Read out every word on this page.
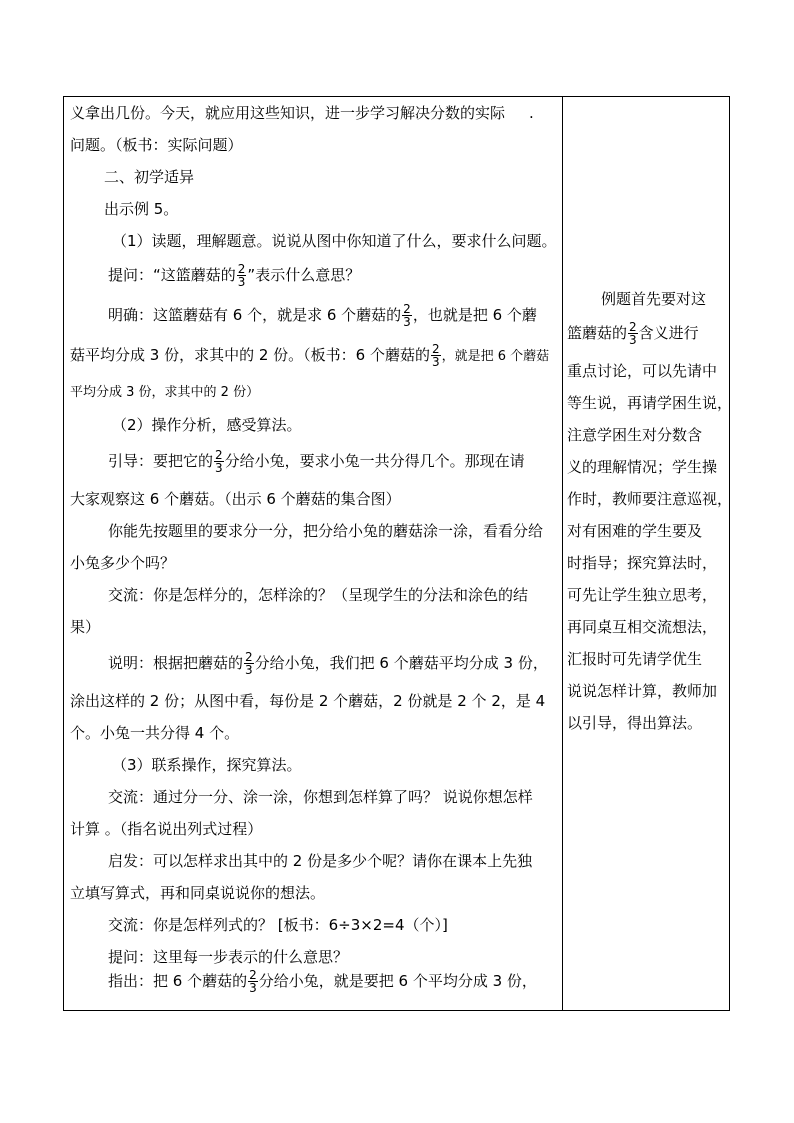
义拿出几份。今天，就应用这些知识，进一步学习解决分数的实际 .
问题。（板书：实际问题）
二、初学适异
出示例 5。
（1）读题，理解题意。说说从图中你知道了什么，要求什么问题。
提问：“这篮蘑菇的 $\frac{2}{3}$ ”表示什么意思？
明确：这篮蘑菇有 6 个，就是求 6 个蘑菇的 $\frac{2}{3}$ ，也就是把 6 个蘑
菇平均分成 3 份，求其中的 2 份。（板书：6 个蘑菇的 $\frac{2}{3}$ ，就是把 6 个蘑菇
平均分成 3 份，求其中的 2 份）
（2）操作分析，感受算法。
引导：要把它的 $\frac{2}{3}$ 分给小兔，要求小兔一共分得几个。那现在请
大家观察这 6 个蘑菇。（出示 6 个蘑菇的集合图）
你能先按题里的要求分一分，把分给小兔的蘑菇涂一涂，看看分给
小兔多少个吗？
交流：你是怎样分的，怎样涂的？（呈现学生的分法和涂色的结
果）
说明：根据把蘑菇的 $\frac{2}{3}$ 分给小兔，我们把 6 个蘑菇平均分成 3 份，
涂出这样的 2 份；从图中看，每份是 2 个蘑菇，2 份就是 2 个 2，是 4
个。小兔一共分得 4 个。
（3）联系操作，探究算法。
交流：通过分一分、涂一涂，你想到怎样算了吗？ 说说你想怎样
计算 。（指名说出列式过程）
启发：可以怎样求出其中的 2 份是多少个呢？请你在课本上先独
立填写算式，再和同桌说说你的想法。
交流：你是怎样列式的？ [板书：6÷3×2=4（个）]
提问：这里每一步表示的什么意思？
指出：把 6 个蘑菇的 $\frac{2}{3}$ 分给小兔，就是要把 6 个平均分成 3 份，
例题首先要对这
篮蘑菇的 $\frac{2}{3}$ 含义进行
重点讨论，可以先请中
等生说，再请学困生说，
注意学困生对分数含
义的理解情况；学生操
作时，教师要注意巡视，
对有困难的学生要及
时指导；探究算法时，
可先让学生独立思考，
再同桌互相交流想法，
汇报时可先请学优生
说说怎样计算，教师加
以引导，得出算法。
